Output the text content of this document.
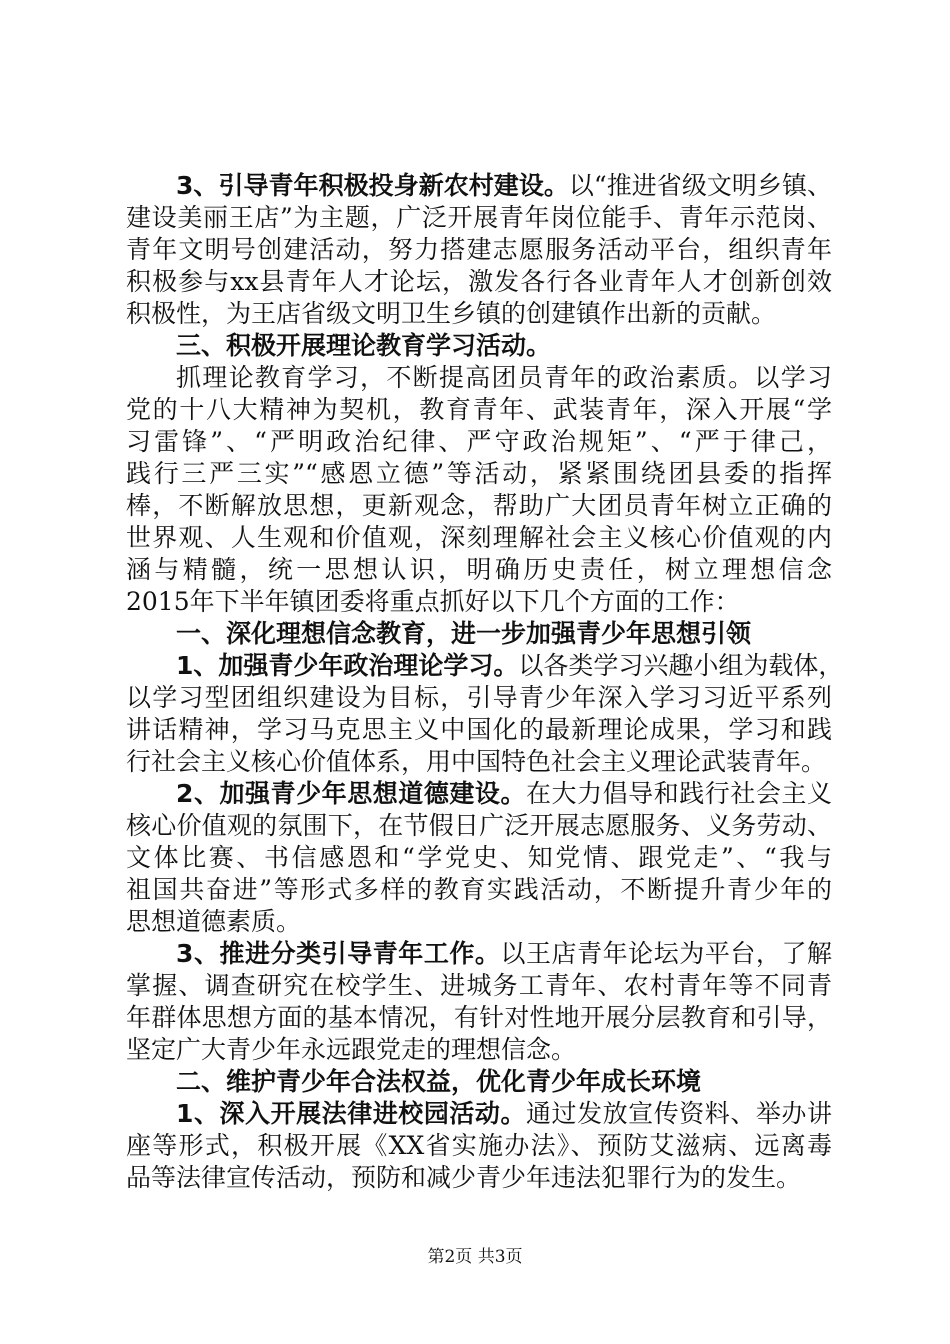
3、引导青年积极投身新农村建设。以“推进省级文明乡镇、
建设美丽王店”为主题，广泛开展青年岗位能手、青年示范岗、
青年文明号创建活动，努力搭建志愿服务活动平台，组织青年
积极参与xx县青年人才论坛，激发各行各业青年人才创新创效
积极性，为王店省级文明卫生乡镇的创建镇作出新的贡献。
三、积极开展理论教育学习活动。
抓理论教育学习，不断提高团员青年的政治素质。以学习
党的十八大精神为契机，教育青年、武装青年，深入开展“学
习雷锋”、“严明政治纪律、严守政治规矩”、“严于律己，
践行三严三实”“感恩立德”等活动，紧紧围绕团县委的指挥
棒，不断解放思想，更新观念，帮助广大团员青年树立正确的
世界观、人生观和价值观，深刻理解社会主义核心价值观的内
涵与精髓，统一思想认识，明确历史责任，树立理想信念
2015年下半年镇团委将重点抓好以下几个方面的工作：
一、深化理想信念教育，进一步加强青少年思想引领
1、加强青少年政治理论学习。以各类学习兴趣小组为载体，
以学习型团组织建设为目标，引导青少年深入学习习近平系列
讲话精神，学习马克思主义中国化的最新理论成果，学习和践
行社会主义核心价值体系，用中国特色社会主义理论武装青年。
2、加强青少年思想道德建设。在大力倡导和践行社会主义
核心价值观的氛围下，在节假日广泛开展志愿服务、义务劳动、
文体比赛、书信感恩和“学党史、知党情、跟党走”、“我与
祖国共奋进”等形式多样的教育实践活动，不断提升青少年的
思想道德素质。
3、推进分类引导青年工作。以王店青年论坛为平台，了解
掌握、调查研究在校学生、进城务工青年、农村青年等不同青
年群体思想方面的基本情况，有针对性地开展分层教育和引导，
坚定广大青少年永远跟党走的理想信念。
二、维护青少年合法权益，优化青少年成长环境
1、深入开展法律进校园活动。通过发放宣传资料、举办讲
座等形式，积极开展《XX省实施办法》、预防艾滋病、远离毒
品等法律宣传活动，预防和减少青少年违法犯罪行为的发生。
第2页 共3页
